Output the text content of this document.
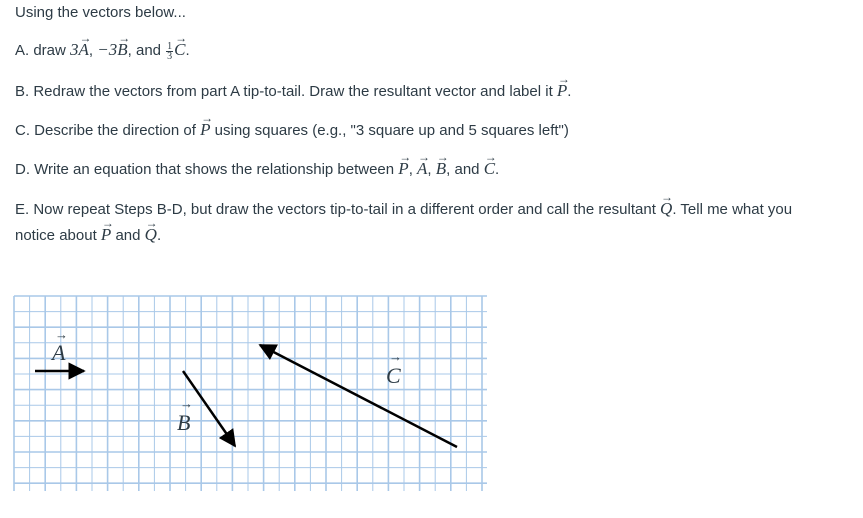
Using the vectors below...
A. draw 3→ A, −3→ B, and $\frac{1}{3}$
→ C.
B. Redraw the vectors from part A tip-to-tail. Draw the resultant vector and label it → P.
C. Describe the direction of → P using squares (e.g., "3 square up and 5 squares left")
D. Write an equation that shows the relationship between → P, → A, → B, and → C.
E. Now repeat Steps B-D, but draw the vectors tip-to-tail in a different order and call the resultant → Q. Tell me what you
notice about → P and → Q.
A
→
B
→
C
→
